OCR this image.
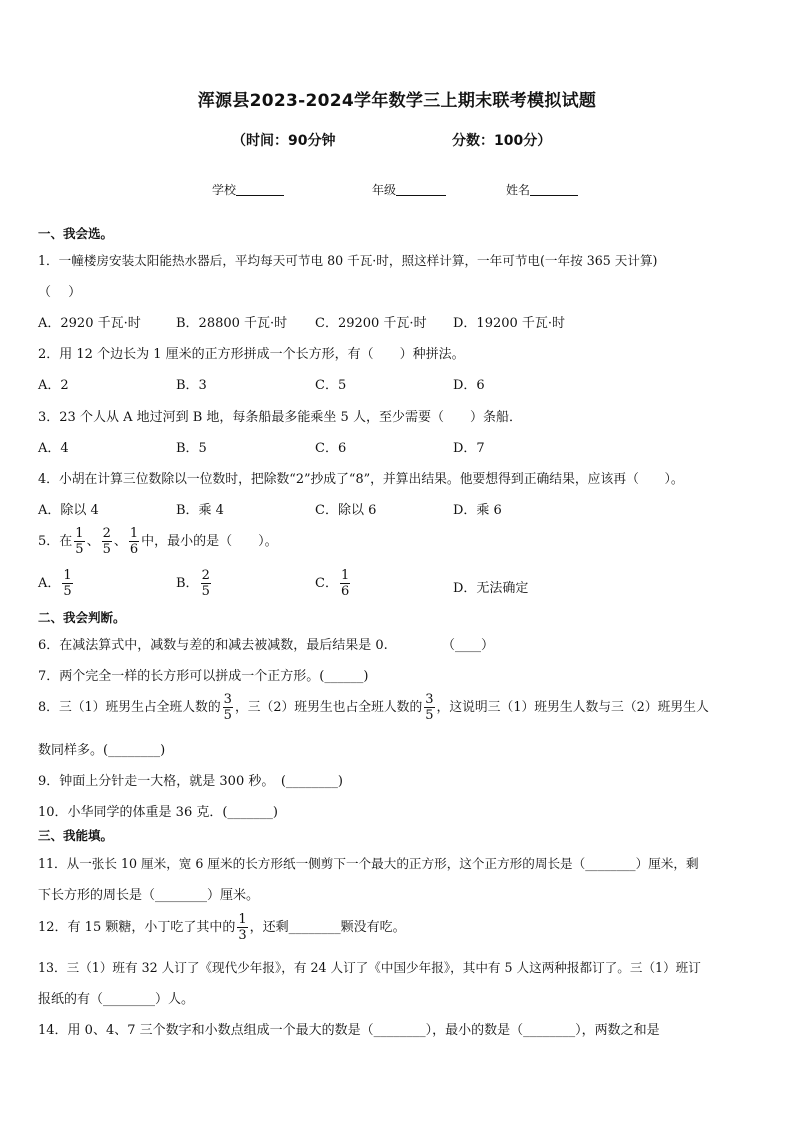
浑源县2023-2024学年数学三上期末联考模拟试题
（时间：90分钟	分数：100分）
学校	年级	姓名
一、我会选。
1．一幢楼房安装太阳能热水器后，平均每天可节电 80 千瓦·时，照这样计算，一年可节电(一年按 365 天计算)
（　 ）
A．2920 千瓦·时	B．28800 千瓦·时 C．29200 千瓦·时 D．19200 千瓦·时
2．用 12 个边长为 1 厘米的正方形拼成一个长方形，有（　　）种拼法。
A．2	B．3	C．5	D．6
3．23 个人从 A 地过河到 B 地，每条船最多能乘坐 5 人，至少需要（　　）条船．
A．4	B．5	C．6	D．7
4．小胡在计算三位数除以一位数时，把除数“2”抄成了“8”，并算出结果。他要想得到正确结果，应该再（　　）。
A．除以 4	B．乘 4	C．除以 6	D．乘 6
5．在 $\frac{1}{5}$ 、 $\frac{2}{5}$ 、 $\frac{1}{6}$ 中，最小的是（　　）。
A． $\frac{1}{5}$	B． $\frac{2}{5}$	C． $\frac{1}{6}$	D．无法确定
二、我会判断。
6．在减法算式中，减数与差的和减去被减数，最后结果是 0.	（____）
7．两个完全一样的长方形可以拼成一个正方形。(______)
8．三（1）班男生占全班人数的 $\frac{3}{5}$ ，三（2）班男生也占全班人数的 $\frac{3}{5}$ ，这说明三（1）班男生人数与三（2）班男生人
数同样多。(________)
9．钟面上分针走一大格，就是 300 秒。　(________)
10．小华同学的体重是 36 克．(_______)
三、我能填。
11．从一张长 10 厘米，宽 6 厘米的长方形纸一侧剪下一个最大的正方形，这个正方形的周长是（________）厘米，剩
下长方形的周长是（________）厘米。
12．有 15 颗糖，小丁吃了其中的 $\frac{1}{3}$ ，还剩________颗没有吃。
13．三（1）班有 32 人订了《现代少年报》，有 24 人订了《中国少年报》，其中有 5 人这两种报都订了。三（1）班订
报纸的有（________）人。
14．用 0、4、7 三个数字和小数点组成一个最大的数是（________），最小的数是（________），两数之和是
